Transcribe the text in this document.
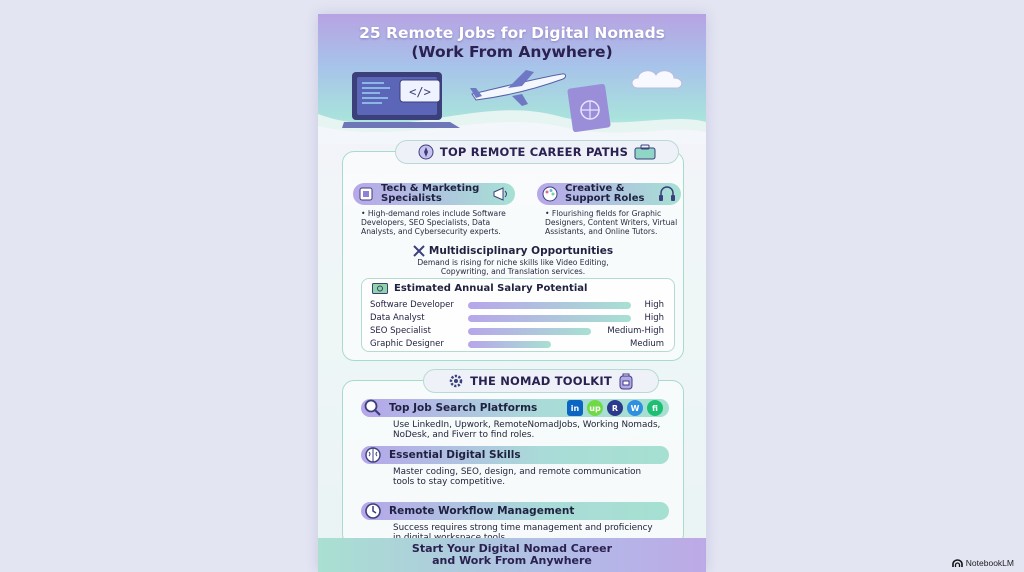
</>
25 Remote Jobs for Digital Nomads
(Work From Anywhere)
TOP REMOTE CAREER PATHS
Tech & Marketing
Specialists
• High-demand roles include Software Developers, SEO Specialists, Data Analysts, and Cybersecurity experts.
Creative &
Support Roles
• Flourishing fields for Graphic Designers, Content Writers, Virtual Assistants, and Online Tutors.
Multidisciplinary Opportunities
Demand is rising for niche skills like Video Editing, Copywriting, and Translation services.
Estimated Annual Salary Potential
Software Developer	High
Data Analyst	High
SEO Specialist	Medium-High
Graphic Designer	Medium
THE NOMAD TOOLKIT
Top Job Search Platforms	in	up	R	W	fi
Use LinkedIn, Upwork, RemoteNomadJobs, Working Nomads, NoDesk, and Fiverr to find roles.
Essential Digital Skills
Master coding, SEO, design, and remote communication tools to stay competitive.
Remote Workflow Management
Success requires strong time management and proficiency
Start Your Digital Nomad Career
and Work From Anywhere	NotebookLM
